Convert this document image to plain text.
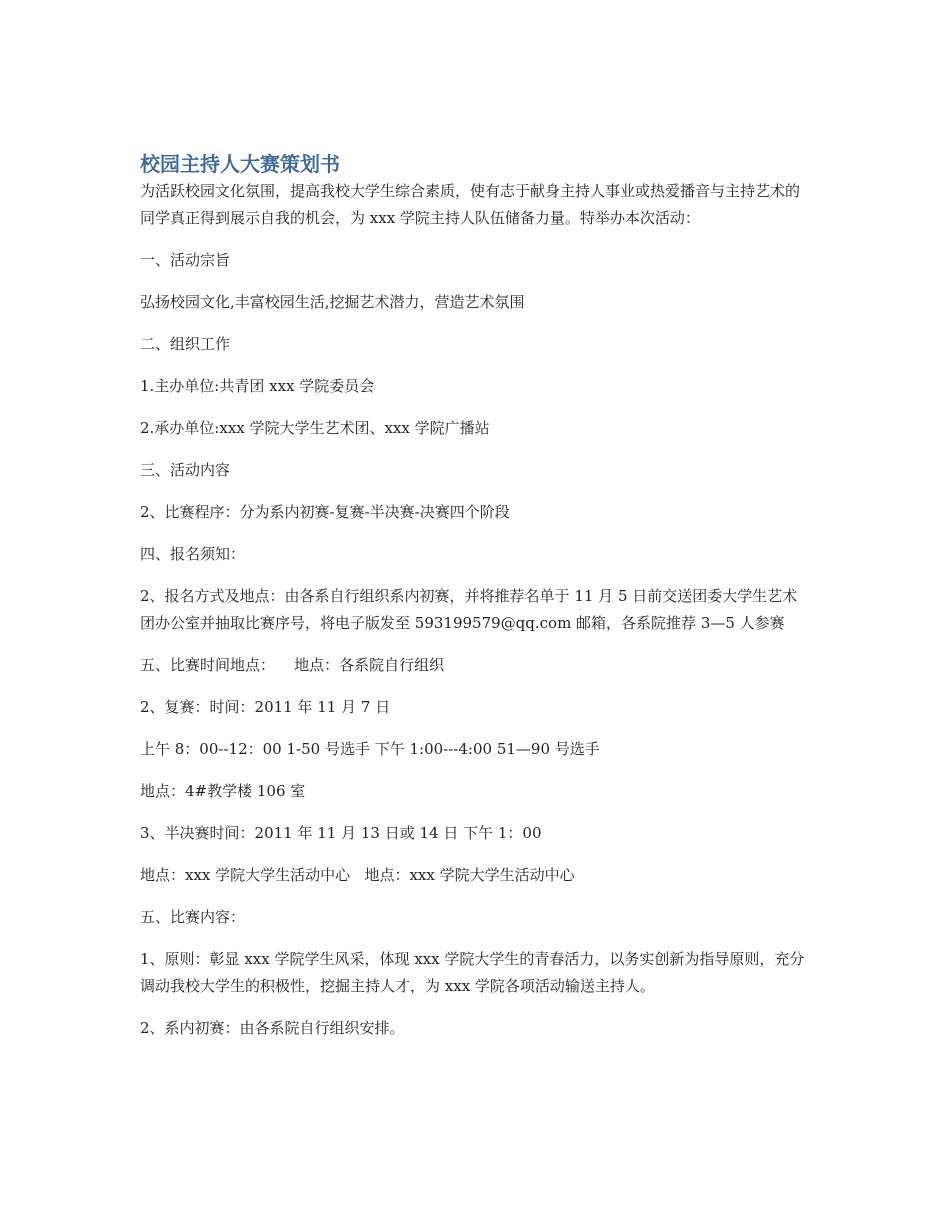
校园主持人大赛策划书

为活跃校园文化氛围，提高我校大学生综合素质，使有志于献身主持人事业或热爱播音与主持艺术的同学真正得到展示自我的机会，为 xxx 学院主持人队伍储备力量。特举办本次活动：

一、活动宗旨

弘扬校园文化,丰富校园生活,挖掘艺术潜力，营造艺术氛围

二、组织工作

1.主办单位:共青团 xxx 学院委员会

2.承办单位:xxx 学院大学生艺术团、xxx 学院广播站

三、活动内容

2、比赛程序：分为系内初赛-复赛-半决赛-决赛四个阶段

四、报名须知：

2、报名方式及地点：由各系自行组织系内初赛，并将推荐名单于 11 月 5 日前交送团委大学生艺术团办公室并抽取比赛序号，将电子版发至 593199579@qq.com 邮箱，各系院推荐 3—5 人参赛

五、比赛时间地点：    地点：各系院自行组织

2、复赛：时间：2011 年 11 月 7 日

上午 8：00--12：00 1-50 号选手 下午 1:00---4:00 51—90 号选手

地点：4#教学楼 106 室

3、半决赛时间：2011 年 11 月 13 日或 14 日 下午 1：00

地点：xxx 学院大学生活动中心   地点：xxx 学院大学生活动中心

五、比赛内容：

1、原则：彰显 xxx 学院学生风采，体现 xxx 学院大学生的青春活力，以务实创新为指导原则，充分调动我校大学生的积极性，挖掘主持人才，为 xxx 学院各项活动输送主持人。

2、系内初赛：由各系院自行组织安排。
